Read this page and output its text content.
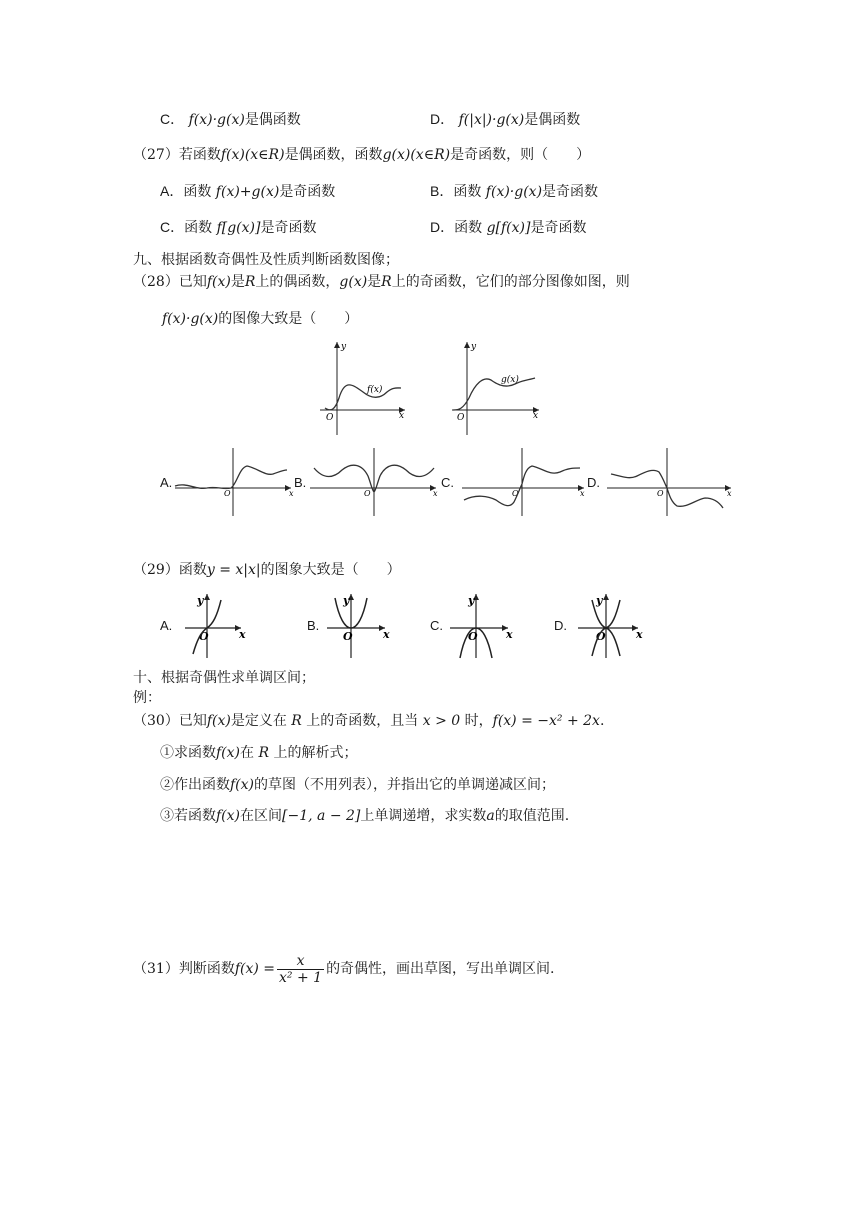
C． f(x)·g(x)是偶函数	D． f(|x|)·g(x)是偶函数
（27）若函数f(x)(x∈R)是偶函数，函数g(x)(x∈R)是奇函数，则（　　）
A．函数 f(x)+g(x)是奇函数	B．函数 f(x)·g(x)是奇函数
C．函数 f[g(x)]是奇函数	D．函数 g[f(x)]是奇函数
九、根据函数奇偶性及性质判断函数图像；
（28）已知f(x)是R上的偶函数，g(x)是R上的奇函数，它们的部分图像如图，则
f(x)·g(x)的图像大致是（　　）
y
x
O
f(x)
y
x
O
g(x)
A.
x
O
B.
x
O
C.
x
O
D.
x
O
（29）函数y = x|x|的图象大致是（　　）
A.
y
x
O
B.
y
x
O
C.
y
x
O
D.
y
x
O
十、根据奇偶性求单调区间；
例：
（30）已知f(x)是定义在 R 上的奇函数，且当 x > 0 时，f(x) = −x² + 2x.
①求函数f(x)在 R 上的解析式；
②作出函数f(x)的草图（不用列表），并指出它的单调递减区间；
③若函数f(x)在区间[−1, a − 2]上单调递增，求实数a的取值范围.
（31）判断函数$f(x) = \frac{x}{\text{x² + 1}}$ 的奇偶性，画出草图，写出单调区间.
